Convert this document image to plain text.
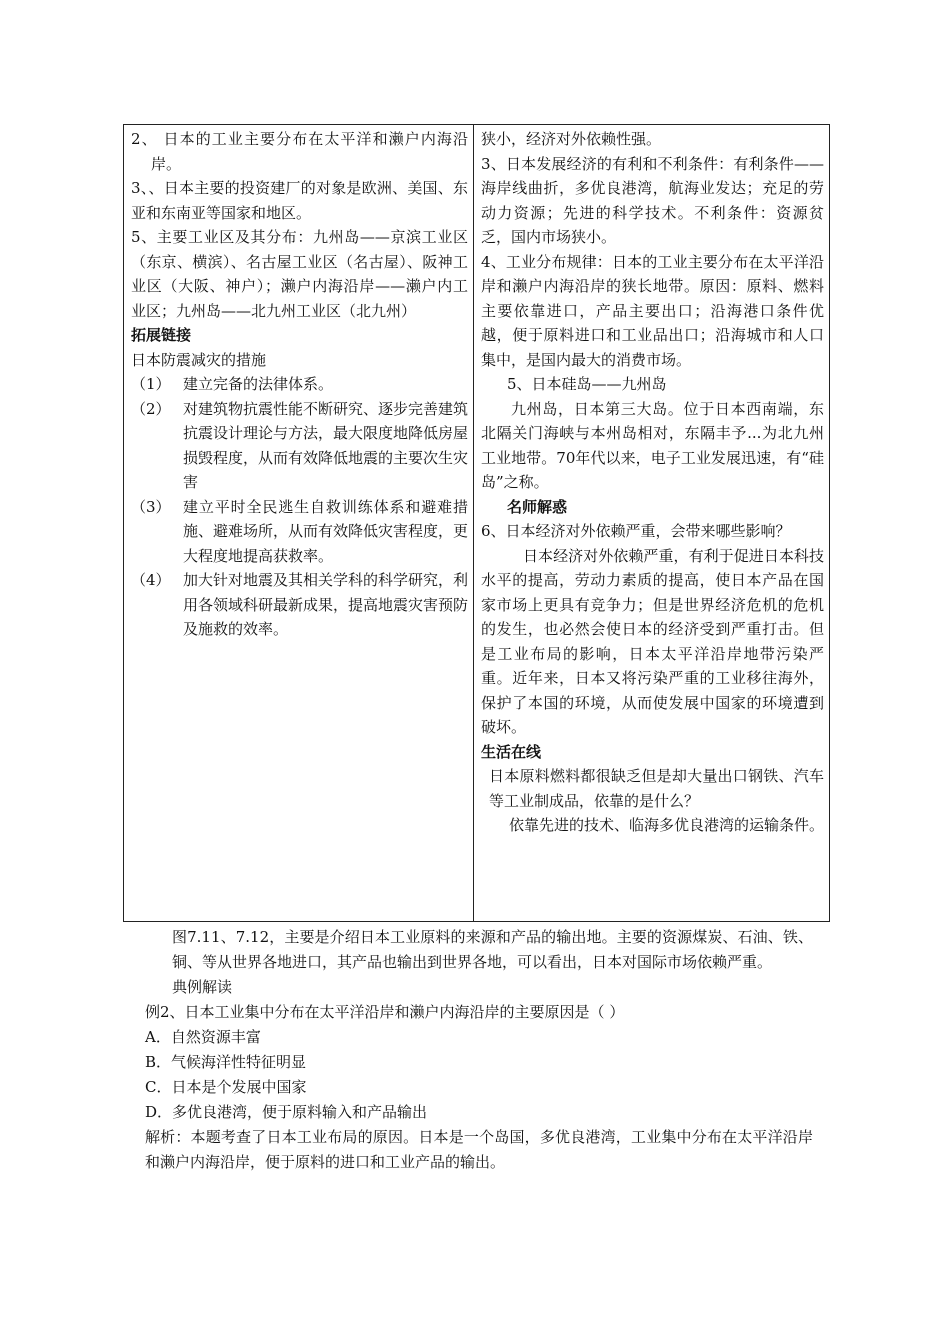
2、 日本的工业主要分布在太平洋和濑户内海沿岸。

3、、日本主要的投资建厂的对象是欧洲、美国、东亚和东南亚等国家和地区。

5、主要工业区及其分布：九州岛——京滨工业区（东京、横滨）、名古屋工业区（名古屋）、阪神工业区（大阪、神户）；濑户内海沿岸——濑户内工业区；九州岛——北九州工业区（北九州）

拓展链接

日本防震减灾的措施

（1） 建立完备的法律体系。
（2） 对建筑物抗震性能不断研究、逐步完善建筑抗震设计理论与方法，最大限度地降低房屋损毁程度，从而有效降低地震的主要次生灾害
（3） 建立平时全民逃生自救训练体系和避难措施、避难场所，从而有效降低灾害程度，更大程度地提高获救率。
（4） 加大针对地震及其相关学科的科学研究，利用各领域科研最新成果，提高地震灾害预防及施救的效率。

狭小，经济对外依赖性强。

3、日本发展经济的有利和不利条件：有利条件——海岸线曲折，多优良港湾，航海业发达；充足的劳动力资源；先进的科学技术。不利条件：资源贫乏，国内市场狭小。

4、工业分布规律：日本的工业主要分布在太平洋沿岸和濑户内海沿岸的狭长地带。原因：原料、燃料主要依靠进口，产品主要出口；沿海港口条件优越，便于原料进口和工业品出口；沿海城市和人口集中，是国内最大的消费市场。

5、日本硅岛——九州岛

九州岛，日本第三大岛。位于日本西南端，东北隔关门海峡与本州岛相对，东隔丰予...为北九州工业地带。70年代以来，电子工业发展迅速，有“硅岛”之称。

名师解惑

6、日本经济对外依赖严重，会带来哪些影响？

日本经济对外依赖严重，有利于促进日本科技水平的提高，劳动力素质的提高，使日本产品在国家市场上更具有竞争力；但是世界经济危机的危机的发生，也必然会使日本的经济受到严重打击。但是工业布局的影响，日本太平洋沿岸地带污染严重。近年来，日本又将污染严重的工业移往海外，保护了本国的环境，从而使发展中国家的环境遭到破坏。

生活在线

日本原料燃料都很缺乏但是却大量出口钢铁、汽车等工业制成品，依靠的是什么？

依靠先进的技术、临海多优良港湾的运输条件。

图7.11、7.12，主要是介绍日本工业原料的来源和产品的输出地。主要的资源煤炭、石油、铁、铜、等从世界各地进口，其产品也输出到世界各地，可以看出，日本对国际市场依赖严重。

典例解读

例2、日本工业集中分布在太平洋沿岸和濑户内海沿岸的主要原因是（ ）

A．自然资源丰富

B．气候海洋性特征明显

C．日本是个发展中国家

D．多优良港湾，便于原料输入和产品输出

解析：本题考查了日本工业布局的原因。日本是一个岛国，多优良港湾，工业集中分布在太平洋沿岸和濑户内海沿岸，便于原料的进口和工业产品的输出。
